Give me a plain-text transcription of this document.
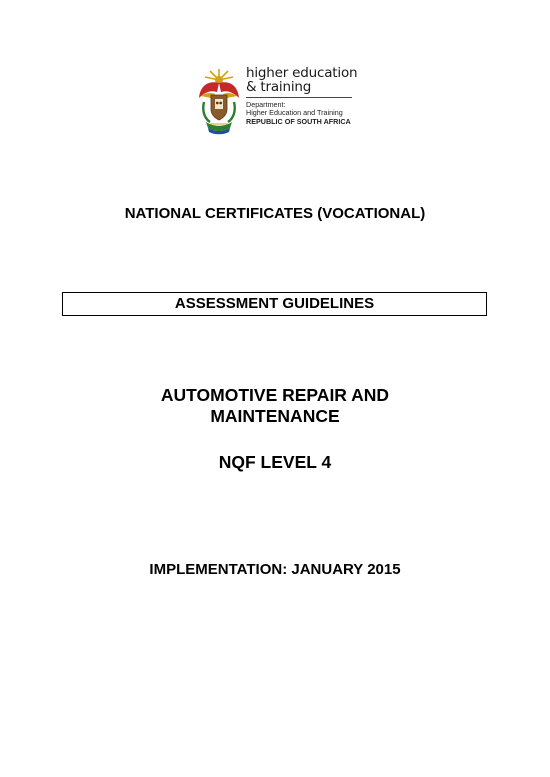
higher education
& training
Department:
Higher Education and Training
REPUBLIC OF SOUTH AFRICA
NATIONAL CERTIFICATES (VOCATIONAL)
ASSESSMENT GUIDELINES
AUTOMOTIVE REPAIR AND
MAINTENANCE
NQF LEVEL 4
IMPLEMENTATION: JANUARY 2015
